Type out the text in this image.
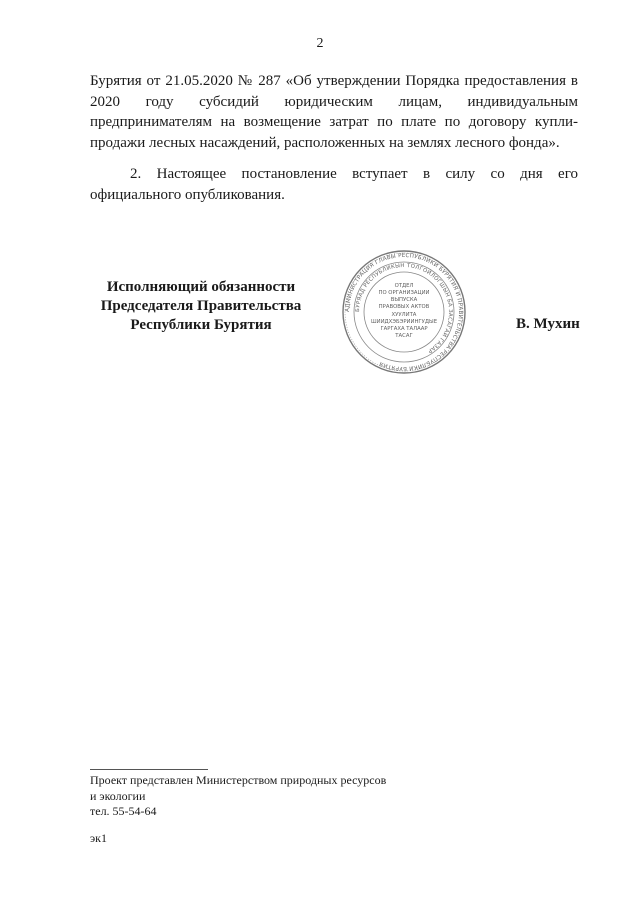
2
Бурятия от 21.05.2020 № 287 «Об утверждении Порядка предоставления в 2020 году субсидий юридическим лицам, индивидуальным предпринимателям на возмещение затрат по плате по договору купли-продажи лесных насаждений, расположенных на землях лесного фонда».
2. Настоящее постановление вступает в силу со дня его официального опубликования.
Исполняющий обязанности
Председателя Правительства
Республики Бурятия
АДМИНИСТРАЦИЯ ГЛАВЫ РЕСПУБЛИКИ БУРЯТИЯ И ПРАВИТЕЛЬСТВА РЕСПУБЛИКИ БУРЯТИЯ
БУРЯАД РЕСПУБЛИКЫН ТОЛГОЙЛОГШЫН БА ЗАСАГАЙ ГАЗАР
ОТДЕЛ
ПО ОРГАНИЗАЦИИ
ВЫПУСКА
ПРАВОВЫХ АКТОВ
ХУУЛИТА
ШИИДХЭБЭРИИНГУДЫЕ
ГАРГАХА ТАЛААР
ТАСАГ
В. Мухин
Проект представлен Министерством природных ресурсов
и экологии
тел. 55-54-64
эк1
